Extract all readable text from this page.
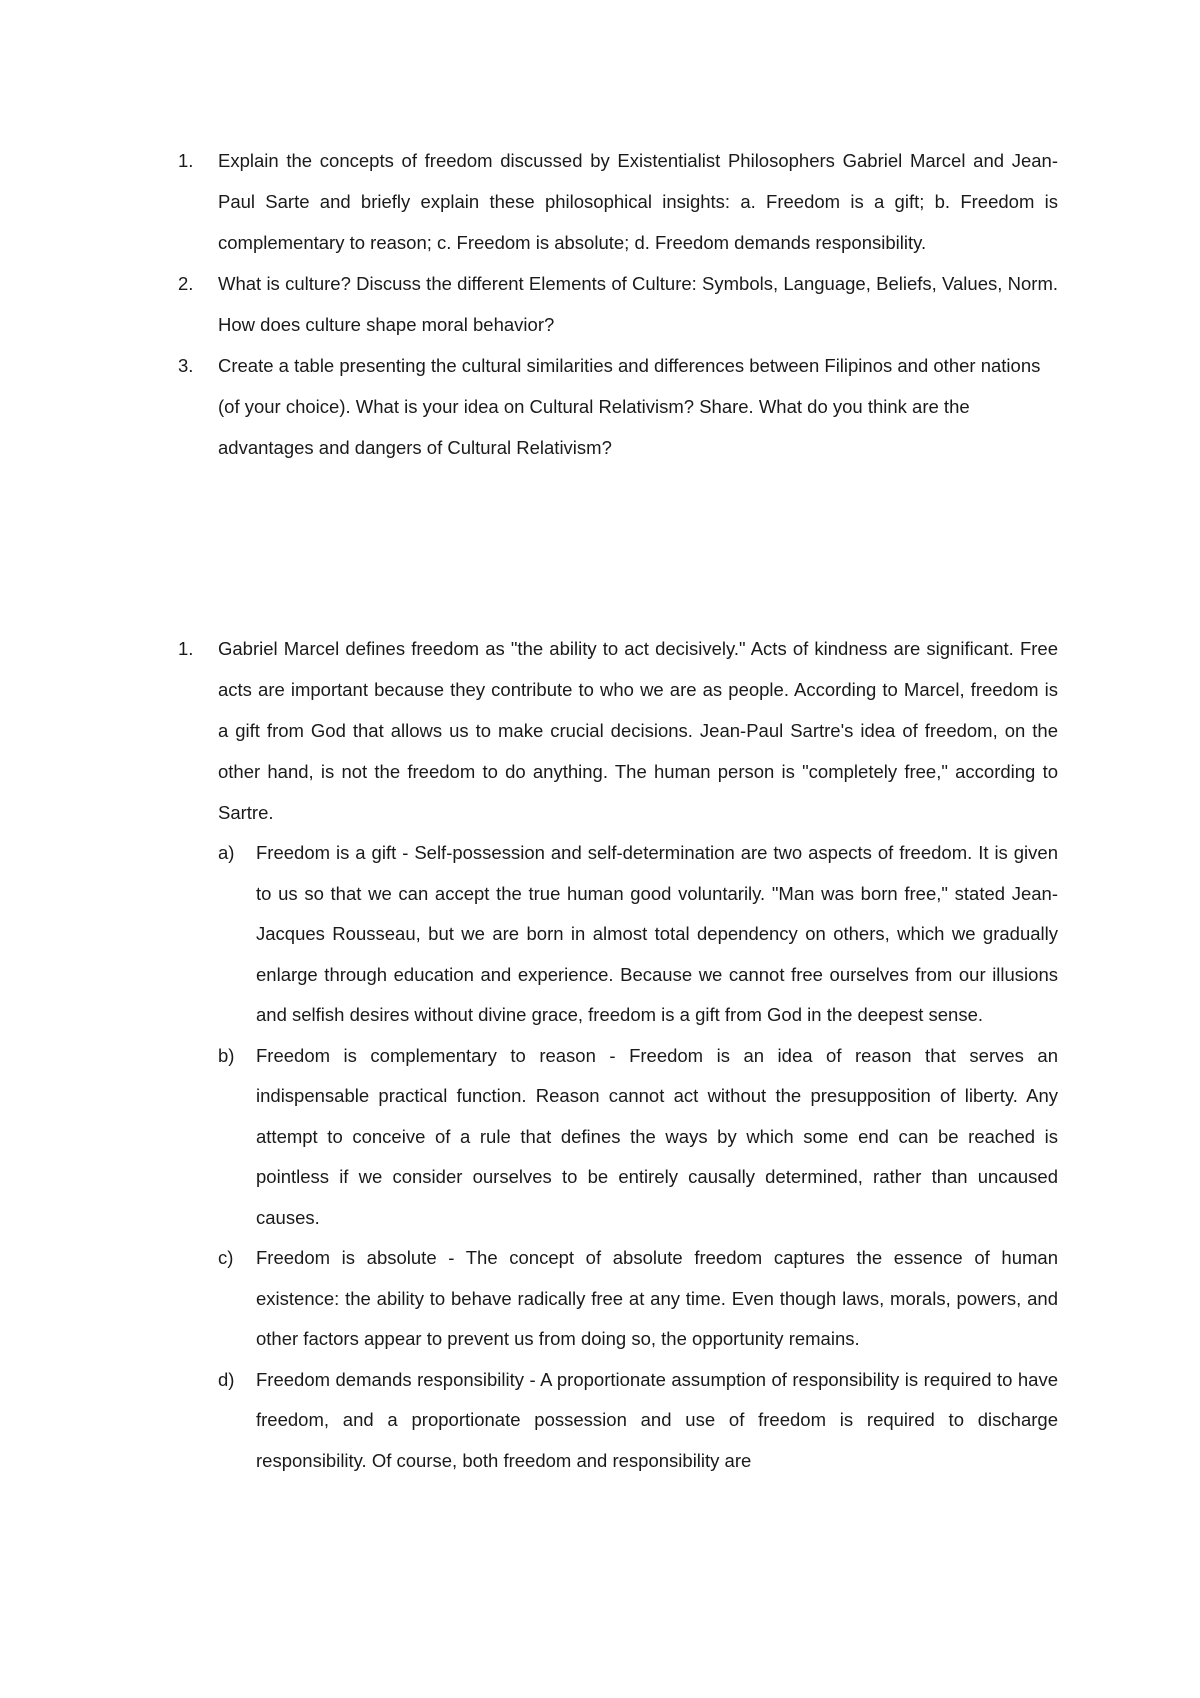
1.	Explain the concepts of freedom discussed by Existentialist Philosophers Gabriel Marcel and Jean-Paul Sarte and briefly explain these philosophical insights: a. Freedom is a gift; b. Freedom is complementary to reason; c. Freedom is absolute; d. Freedom demands responsibility.
2.	What is culture? Discuss the different Elements of Culture: Symbols, Language, Beliefs, Values, Norm. How does culture shape moral behavior?
3.	Create a table presenting the cultural similarities and differences between Filipinos and other nations (of your choice). What is your idea on Cultural Relativism? Share. What do you think are the advantages and dangers of Cultural Relativism?
1.	Gabriel Marcel defines freedom as "the ability to act decisively." Acts of kindness are significant. Free acts are important because they contribute to who we are as people. According to Marcel, freedom is a gift from God that allows us to make crucial decisions. Jean-Paul Sartre's idea of freedom, on the other hand, is not the freedom to do anything. The human person is "completely free," according to Sartre.
a)	Freedom is a gift - Self-possession and self-determination are two aspects of freedom. It is given to us so that we can accept the true human good voluntarily. "Man was born free," stated Jean-Jacques Rousseau, but we are born in almost total dependency on others, which we gradually enlarge through education and experience. Because we cannot free ourselves from our illusions and selfish desires without divine grace, freedom is a gift from God in the deepest sense.
b)	Freedom is complementary to reason - Freedom is an idea of reason that serves an indispensable practical function. Reason cannot act without the presupposition of liberty. Any attempt to conceive of a rule that defines the ways by which some end can be reached is pointless if we consider ourselves to be entirely causally determined, rather than uncaused causes.
c)	Freedom is absolute - The concept of absolute freedom captures the essence of human existence: the ability to behave radically free at any time. Even though laws, morals, powers, and other factors appear to prevent us from doing so, the opportunity remains.
d)	Freedom demands responsibility - A proportionate assumption of responsibility is required to have freedom, and a proportionate possession and use of freedom is required to discharge responsibility. Of course, both freedom and responsibility are
